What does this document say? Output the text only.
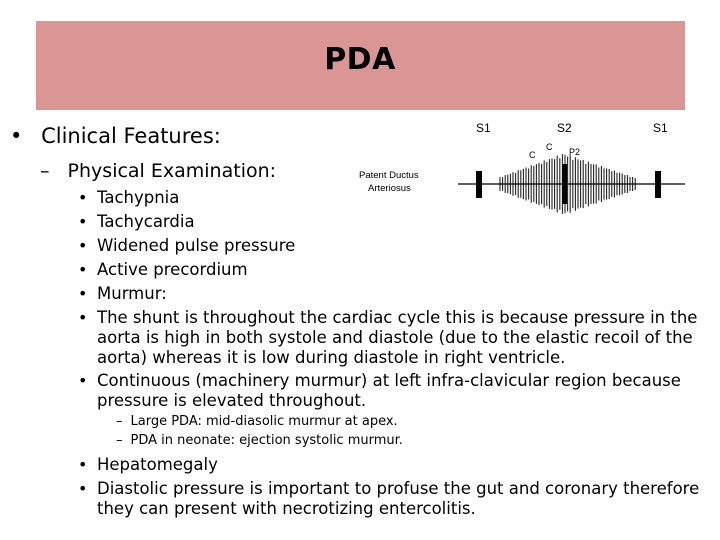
PDA
• Clinical Features:
– Physical Examination:
• Tachypnia
• Tachycardia
• Widened pulse pressure
• Active precordium
• Murmur:
• The shunt is throughout the cardiac cycle this is because pressure in the
aorta is high in both systole and diastole (due to the elastic recoil of the
aorta) whereas it is low during diastole in right ventricle.
• Continuous (machinery murmur) at left infra-clavicular region because
pressure is elevated throughout.
– Large PDA: mid-diasolic murmur at apex.
– PDA in neonate: ejection systolic murmur.
• Hepatomegaly
• Diastolic pressure is important to profuse the gut and coronary therefore
they can present with necrotizing entercolitis.
Patent Ductus
Arteriosus
S1	S2	S1
C
C	P2
